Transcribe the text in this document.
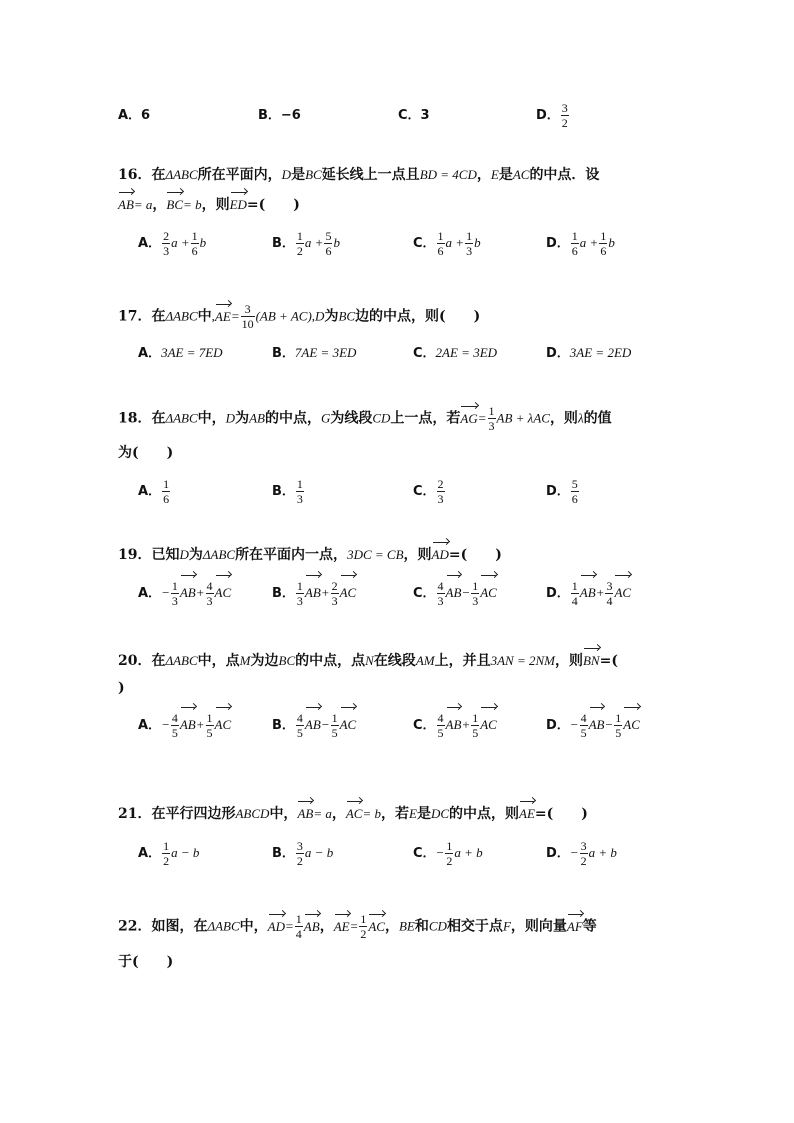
A．6	B．−6	C．3	D． $\frac{3}{2}$
16．在ΔABC所在平面内，D是BC延长线上一点且BD = 4CD，E是AC的中点．设
AB= a，BC= b，则ED=(　　)
A． $\frac{2}{3}$ $a + \frac{1}{6}$ b	B． $\frac{1}{2}$ $a + \frac{5}{6}$ b	C． $\frac{1}{6}$ $a + \frac{1}{3}$ b	D． $\frac{1}{6}$ $a + \frac{1}{6}$ b
17．在ΔABC中$,AE= \frac{3}{10} (AB + AC),D$为BC边的中点，则(　　)
A．3AE = 7ED	B．7AE = 3ED	C．2AE = 3ED	D．3AE = 2ED
18．在ΔABC中，D为AB的中点，G为线段CD上一点，若$AG= \frac{1}{3}$ AB + λAC，则λ的值
为(　　)
A． $\frac{1}{6}$	B． $\frac{1}{3}$	C． $\frac{2}{3}$	D． $\frac{5}{6}$
19．已知D为ΔABC所在平面内一点，3DC = CB，则AD=(　　)
A．− $\frac{1}{3} AB+ \frac{4}{3}$ AC	B． $\frac{1}{3} AB+ \frac{2}{3}$ AC	C． $\frac{4}{3} AB- \frac{1}{3}$ AC	D． $\frac{1}{4} AB+ \frac{3}{4}$ AC
20．在ΔABC中，点M为边BC的中点，点N在线段AM上，并且3AN = 2NM，则BN=(
)
A．− $\frac{4}{5} AB+ \frac{1}{5}$ AC	B． $\frac{4}{5} AB- \frac{1}{5}$ AC	C． $\frac{4}{5} AB+ \frac{1}{5}$ AC	D．− $\frac{4}{5} AB- \frac{1}{5}$ AC
21．在平行四边形ABCD中，AB= a，AC= b，若E是DC的中点，则AE=(　　)
A． $\frac{1}{2}$ a − b	B． $\frac{3}{2}$ a − b	C．− $\frac{1}{2}$ a + b	D．− $\frac{3}{2}$ a + b
22．如图，在ΔABC中，$AD= \frac{1}{4}$ AB，$AE= \frac{1}{2}$ AC，BE和CD相交于点F，则向量AF等
于(　　)
